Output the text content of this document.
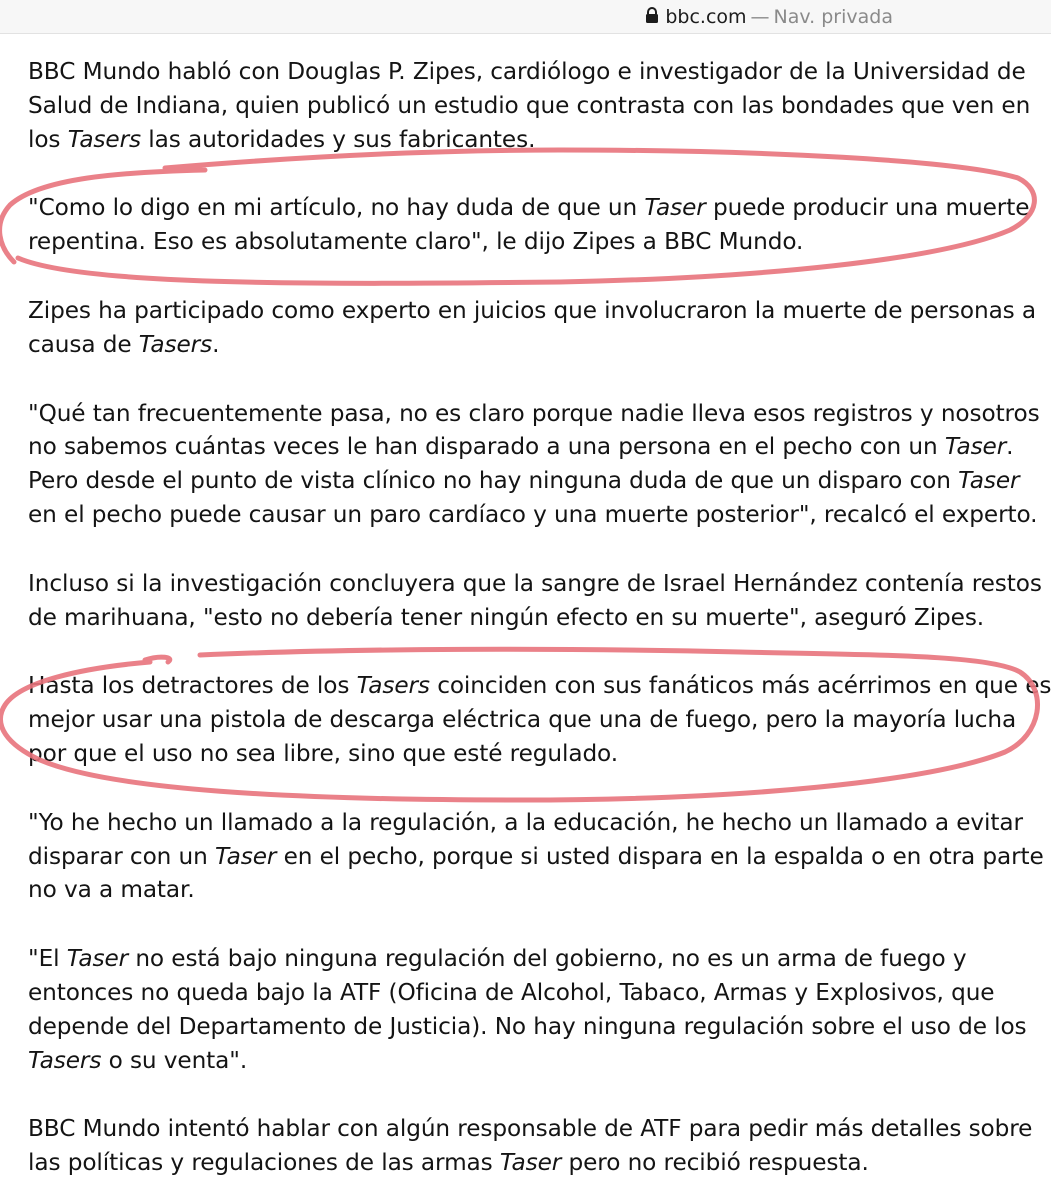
bbc.com — Nav. privada

BBC Mundo habló con Douglas P. Zipes, cardiólogo e investigador de la Universidad de
Salud de Indiana, quien publicó un estudio que contrasta con las bondades que ven en
los Tasers las autoridades y sus fabricantes.

"Como lo digo en mi artículo, no hay duda de que un Taser puede producir una muerte
repentina. Eso es absolutamente claro", le dijo Zipes a BBC Mundo.

Zipes ha participado como experto en juicios que involucraron la muerte de personas a
causa de Tasers.

"Qué tan frecuentemente pasa, no es claro porque nadie lleva esos registros y nosotros
no sabemos cuántas veces le han disparado a una persona en el pecho con un Taser.
Pero desde el punto de vista clínico no hay ninguna duda de que un disparo con Taser
en el pecho puede causar un paro cardíaco y una muerte posterior", recalcó el experto.

Incluso si la investigación concluyera que la sangre de Israel Hernández contenía restos
de marihuana, "esto no debería tener ningún efecto en su muerte", aseguró Zipes.

Hasta los detractores de los Tasers coinciden con sus fanáticos más acérrimos en que es
mejor usar una pistola de descarga eléctrica que una de fuego, pero la mayoría lucha
por que el uso no sea libre, sino que esté regulado.

"Yo he hecho un llamado a la regulación, a la educación, he hecho un llamado a evitar
disparar con un Taser en el pecho, porque si usted dispara en la espalda o en otra parte
no va a matar.

"El Taser no está bajo ninguna regulación del gobierno, no es un arma de fuego y
entonces no queda bajo la ATF (Oficina de Alcohol, Tabaco, Armas y Explosivos, que
depende del Departamento de Justicia). No hay ninguna regulación sobre el uso de los
Tasers o su venta".

BBC Mundo intentó hablar con algún responsable de ATF para pedir más detalles sobre
las políticas y regulaciones de las armas Taser pero no recibió respuesta.
